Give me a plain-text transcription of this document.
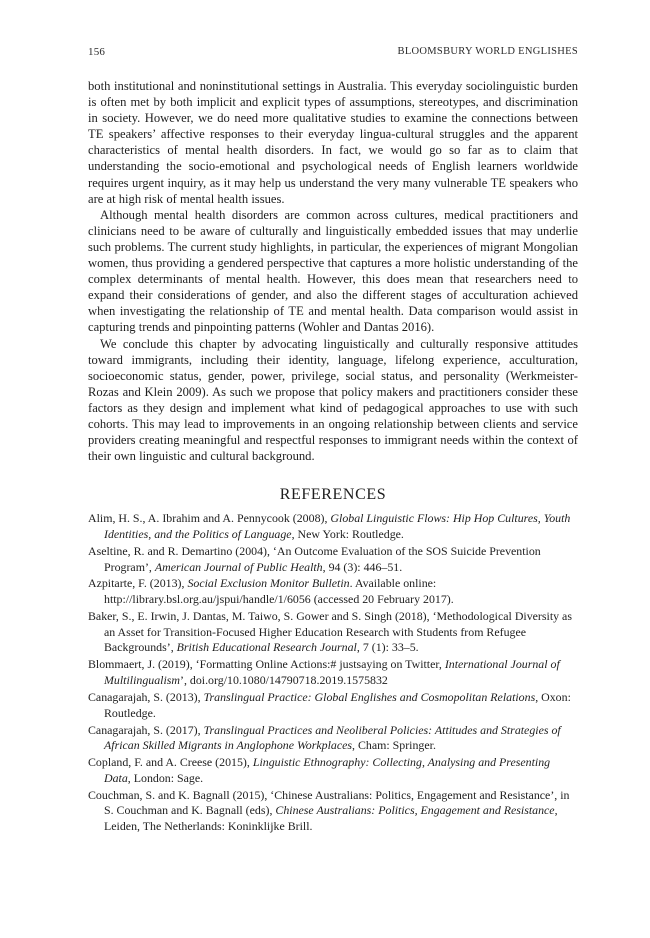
156	BLOOMSBURY WORLD ENGLISHES

both institutional and noninstitutional settings in Australia. This everyday sociolinguistic burden is often met by both implicit and explicit types of assumptions, stereotypes, and discrimination in society. However, we do need more qualitative studies to examine the connections between TE speakers’ affective responses to their everyday lingua-cultural struggles and the apparent characteristics of mental health disorders. In fact, we would go so far as to claim that understanding the socio-emotional and psychological needs of English learners worldwide requires urgent inquiry, as it may help us understand the very many vulnerable TE speakers who are at high risk of mental health issues.

Although mental health disorders are common across cultures, medical practitioners and clinicians need to be aware of culturally and linguistically embedded issues that may underlie such problems. The current study highlights, in particular, the experiences of migrant Mongolian women, thus providing a gendered perspective that captures a more holistic understanding of the complex determinants of mental health. However, this does mean that researchers need to expand their considerations of gender, and also the different stages of acculturation achieved when investigating the relationship of TE and mental health. Data comparison would assist in capturing trends and pinpointing patterns (Wohler and Dantas 2016).

We conclude this chapter by advocating linguistically and culturally responsive attitudes toward immigrants, including their identity, language, lifelong experience, acculturation, socioeconomic status, gender, power, privilege, social status, and personality (Werkmeister-Rozas and Klein 2009). As such we propose that policy makers and practitioners consider these factors as they design and implement what kind of pedagogical approaches to use with such cohorts. This may lead to improvements in an ongoing relationship between clients and service providers creating meaningful and respectful responses to immigrant needs within the context of their own linguistic and cultural background.

REFERENCES

Alim, H. S., A. Ibrahim and A. Pennycook (2008), Global Linguistic Flows: Hip Hop Cultures, Youth Identities, and the Politics of Language, New York: Routledge.

Aseltine, R. and R. Demartino (2004), ‘An Outcome Evaluation of the SOS Suicide Prevention Program’, American Journal of Public Health, 94 (3): 446–51.

Azpitarte, F. (2013), Social Exclusion Monitor Bulletin. Available online: http://library.bsl.org.au/jspui/handle/1/6056 (accessed 20 February 2017).

Baker, S., E. Irwin, J. Dantas, M. Taiwo, S. Gower and S. Singh (2018), ‘Methodological Diversity as an Asset for Transition-Focused Higher Education Research with Students from Refugee Backgrounds’, British Educational Research Journal, 7 (1): 33–5.

Blommaert, J. (2019), ‘Formatting Online Actions:# justsaying on Twitter, International Journal of Multilingualism’, doi.org/10.1080/14790718.2019.1575832

Canagarajah, S. (2013), Translingual Practice: Global Englishes and Cosmopolitan Relations, Oxon: Routledge.

Canagarajah, S. (2017), Translingual Practices and Neoliberal Policies: Attitudes and Strategies of African Skilled Migrants in Anglophone Workplaces, Cham: Springer.

Copland, F. and A. Creese (2015), Linguistic Ethnography: Collecting, Analysing and Presenting Data, London: Sage.

Couchman, S. and K. Bagnall (2015), ‘Chinese Australians: Politics, Engagement and Resistance’, in S. Couchman and K. Bagnall (eds), Chinese Australians: Politics, Engagement and Resistance, Leiden, The Netherlands: Koninklijke Brill.
